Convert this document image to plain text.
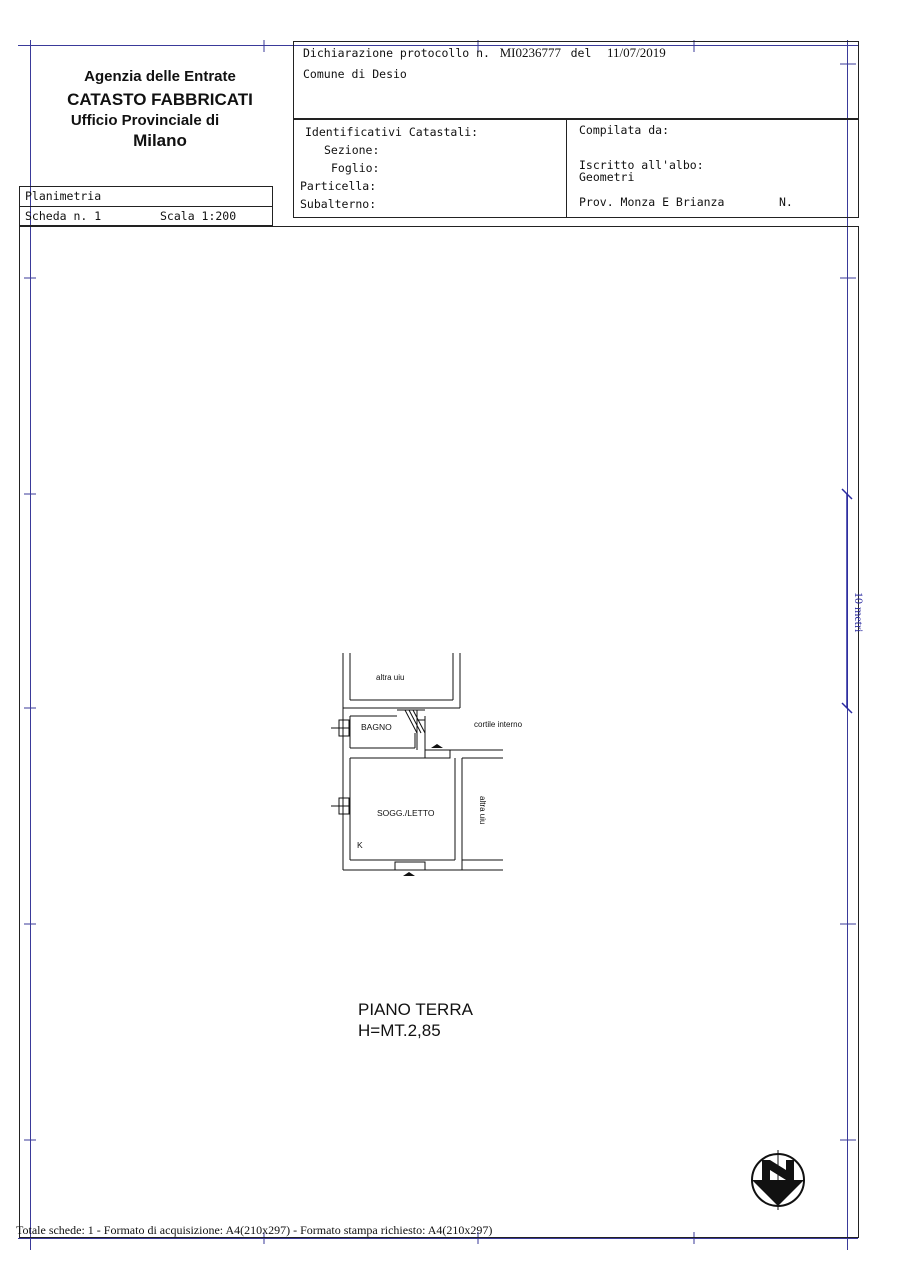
Agenzia delle Entrate
CATASTO FABBRICATI
Ufficio Provinciale di
Milano
Planimetria
Scheda n. 1	Scala 1:200
Dichiarazione protocollo n. MI0236777 del 11/07/2019
Comune di Desio
Identificativi Catastali:
Sezione:
Foglio:
Particella:
Subalterno:
Compilata da:
Iscritto all'albo:
Geometri
Prov. Monza E Brianza	N.
10 metri
altra uiu
BAGNO	cortile interno
SOGG./LETTO	altra uiu
K
PIANO TERRA
H=MT.2,85
Totale schede: 1 - Formato di acquisizione: A4(210x297) - Formato stampa richiesto: A4(210x297)
